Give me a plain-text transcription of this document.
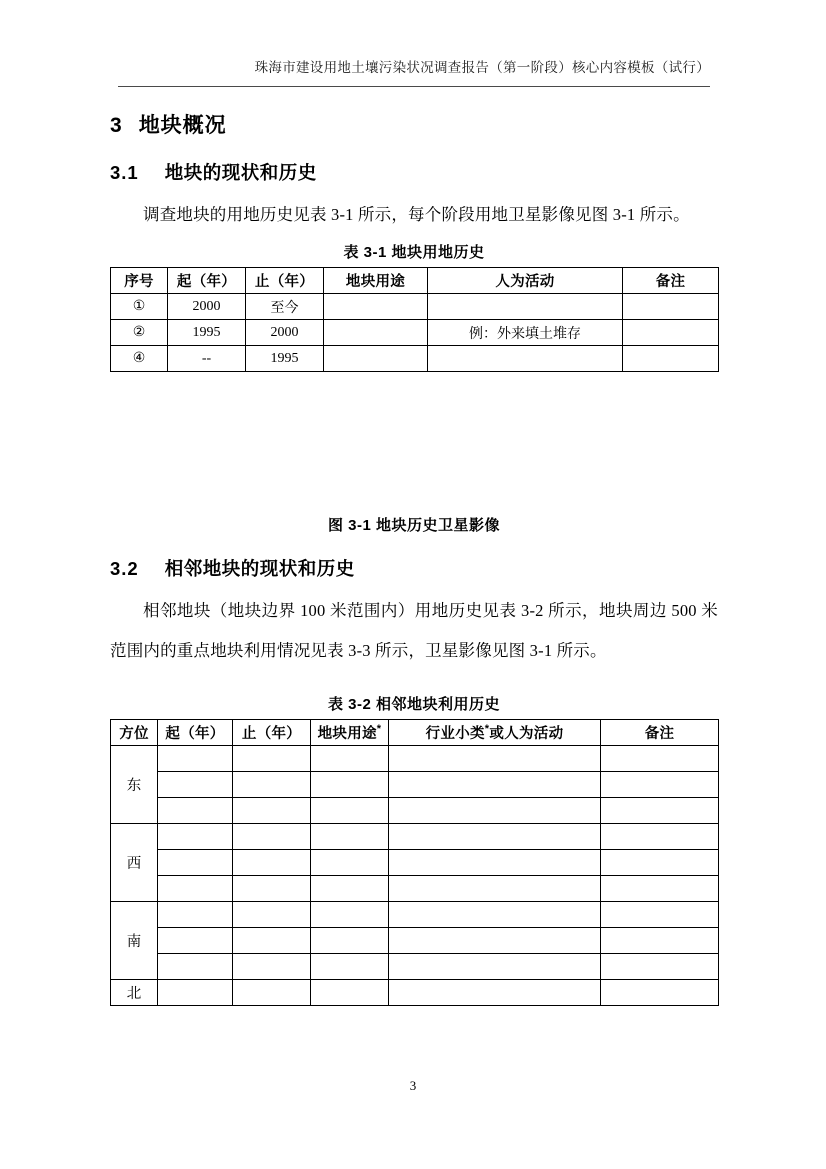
珠海市建设用地土壤污染状况调查报告（第一阶段）核心内容模板（试行）
3 地块概况
3.1 地块的现状和历史

调查地块的用地历史见表 3-1 所示，每个阶段用地卫星影像见图 3-1 所示。

表 3-1 地块用地历史
序号	起（年）	止（年）	地块用途	人为活动	备注
①	2000	至今			
②	1995	2000		例：外来填土堆存	
④	--	1995			
图 3-1 地块历史卫星影像
3.2 相邻地块的现状和历史

相邻地块（地块边界 100 米范围内）用地历史见表 3-2 所示，地块周边 500 米范围内的重点地块利用情况见表 3-3 所示，卫星影像见图 3-1 所示。

表 3-2 相邻地块利用历史
方位	起（年）	止（年）	地块用途*	行业小类*或人为活动	备注
东					

西					

南					

北					
3
